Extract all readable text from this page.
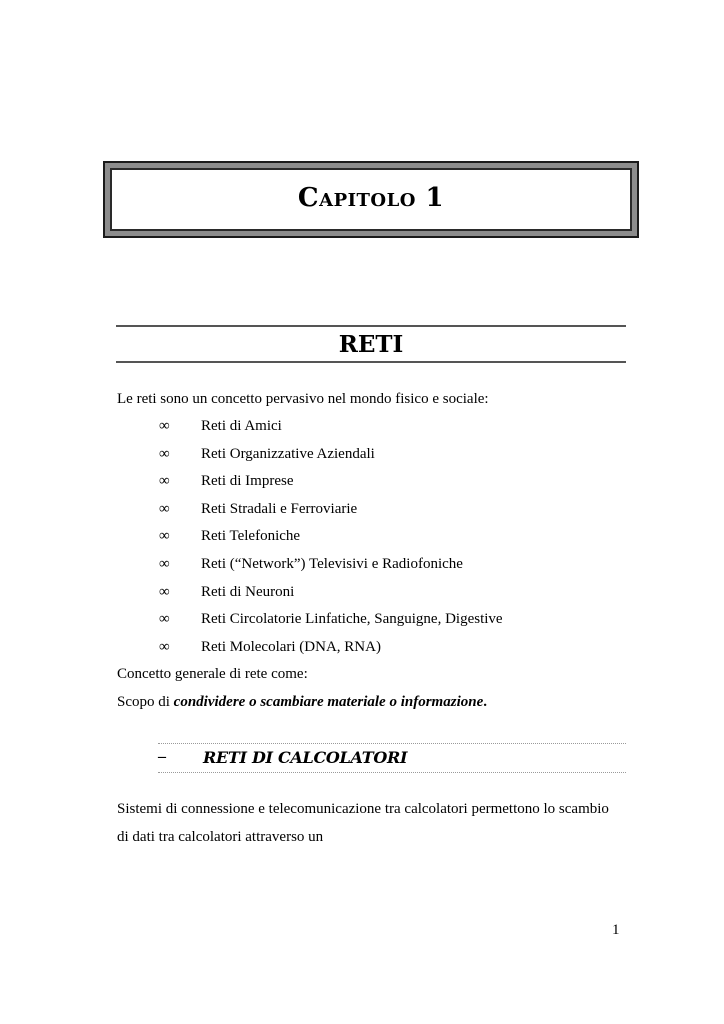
Capitolo 1
RETI
Le reti sono un concetto pervasivo nel mondo fisico e sociale:
∞ Reti di Amici
∞ Reti Organizzative Aziendali
∞ Reti di Imprese
∞ Reti Stradali e Ferroviarie
∞ Reti Telefoniche
∞ Reti (“Network”) Televisivi e Radiofoniche
∞ Reti di Neuroni
∞ Reti Circolatorie Linfatiche, Sanguigne, Digestive
∞ Reti Molecolari (DNA, RNA)
Concetto generale di rete come:
Scopo di condividere o scambiare materiale o informazione.
– RETI DI CALCOLATORI
Sistemi di connessione e telecomunicazione tra calcolatori permettono lo scambio
di dati tra calcolatori attraverso un
1
